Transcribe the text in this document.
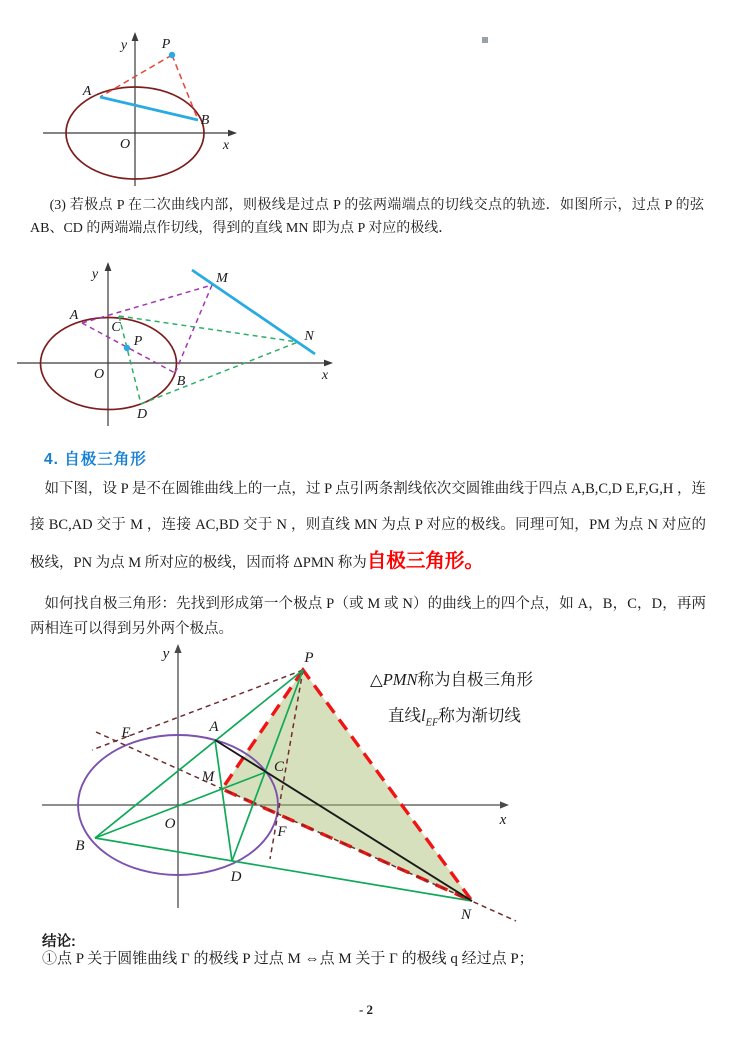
y P
A
B
O	x
(3) 若极点 P 在二次曲线内部，则极线是过点 P 的弦两端端点的切线交点的轨迹．如图所示，过点 P 的弦 AB、CD 的两端端点作切线，得到的直线 MN 即为点 P 对应的极线．
y	M
A
C
P	N
O	B
D
x
4. 自极三角形
如下图，设 P 是不在圆锥曲线上的一点，过 P 点引两条割线依次交圆锥曲线于四点 A,B,C,D E,F,G,H ，连接 BC,AD 交于 M ，连接 AC,BD 交于 N ，则直线 MN 为点 P 对应的极线。同理可知，PM 为点 N 对应的极线，PN 为点 M 所对应的极线，因而将 ΔPMN 称为自极三角形。
如何找自极三角形：先找到形成第一个极点 P（或 M 或 N）的曲线上的四个点，如 A，B，C，D，再两两相连可以得到另外两个极点。
y	P
E	A
M
C
O	F
B
D
N
x
△PMN称为自极三角形
直线$l_{EF}$称为渐切线
结论:
①点 P 关于圆锥曲线 Γ 的极线 P 过点 M ⇔点 M 关于 Γ 的极线 q 经过点 P；
- 2
